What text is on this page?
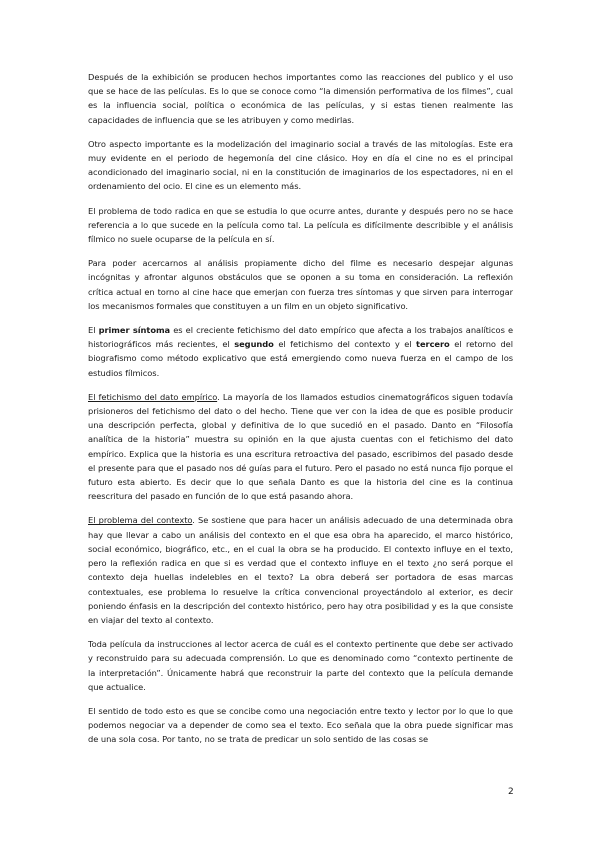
Después de la exhibición se producen hechos importantes como las reacciones del publico y el uso que se hace de las películas. Es lo que se conoce como “la dimensión performativa de los filmes”, cual es la influencia social, política o económica de las películas, y si estas tienen realmente las capacidades de influencia que se les atribuyen y como medirlas.

Otro aspecto importante es la modelización del imaginario social a través de las mitologías. Este era muy evidente en el periodo de hegemonía del cine clásico. Hoy en día el cine no es el principal acondicionado del imaginario social, ni en la constitución de imaginarios de los espectadores, ni en el ordenamiento del ocio. El cine es un elemento más.

El problema de todo radica en que se estudia lo que ocurre antes, durante y después pero no se hace referencia a lo que sucede en la película como tal. La película es difícilmente describible y el análisis fílmico no suele ocuparse de la película en sí.

Para poder acercarnos al análisis propiamente dicho del filme es necesario despejar algunas incógnitas y afrontar algunos obstáculos que se oponen a su toma en consideración. La reflexión crítica actual en torno al cine hace que emerjan con fuerza tres síntomas y que sirven para interrogar los mecanismos formales que constituyen a un film en un objeto significativo.

El primer síntoma es el creciente fetichismo del dato empírico que afecta a los trabajos analíticos e historiográficos más recientes, el segundo el fetichismo del contexto y el tercero el retorno del biografismo como método explicativo que está emergiendo como nueva fuerza en el campo de los estudios fílmicos.

El fetichismo del dato empírico. La mayoría de los llamados estudios cinematográficos siguen todavía prisioneros del fetichismo del dato o del hecho. Tiene que ver con la idea de que es posible producir una descripción perfecta, global y definitiva de lo que sucedió en el pasado. Danto en “Filosofía analítica de la historia” muestra su opinión en la que ajusta cuentas con el fetichismo del dato empírico. Explica que la historia es una escritura retroactiva del pasado, escribimos del pasado desde el presente para que el pasado nos dé guías para el futuro. Pero el pasado no está nunca fijo porque el futuro esta abierto. Es decir que lo que señala Danto es que la historia del cine es la continua reescritura del pasado en función de lo que está pasando ahora.

El problema del contexto. Se sostiene que para hacer un análisis adecuado de una determinada obra hay que llevar a cabo un análisis del contexto en el que esa obra ha aparecido, el marco histórico, social económico, biográfico, etc., en el cual la obra se ha producido. El contexto influye en el texto, pero la reflexión radica en que si es verdad que el contexto influye en el texto ¿no será porque el contexto deja huellas indelebles en el texto? La obra deberá ser portadora de esas marcas contextuales, ese problema lo resuelve la crítica convencional proyectándolo al exterior, es decir poniendo énfasis en la descripción del contexto histórico, pero hay otra posibilidad y es la que consiste en viajar del texto al contexto.

Toda película da instrucciones al lector acerca de cuál es el contexto pertinente que debe ser activado y reconstruido para su adecuada comprensión. Lo que es denominado como “contexto pertinente de la interpretación”. Únicamente habrá que reconstruir la parte del contexto que la película demande que actualice.

El sentido de todo esto es que se concibe como una negociación entre texto y lector por lo que lo que podemos negociar va a depender de como sea el texto. Eco señala que la obra puede significar mas de una sola cosa. Por tanto, no se trata de predicar un solo sentido de las cosas se

2
